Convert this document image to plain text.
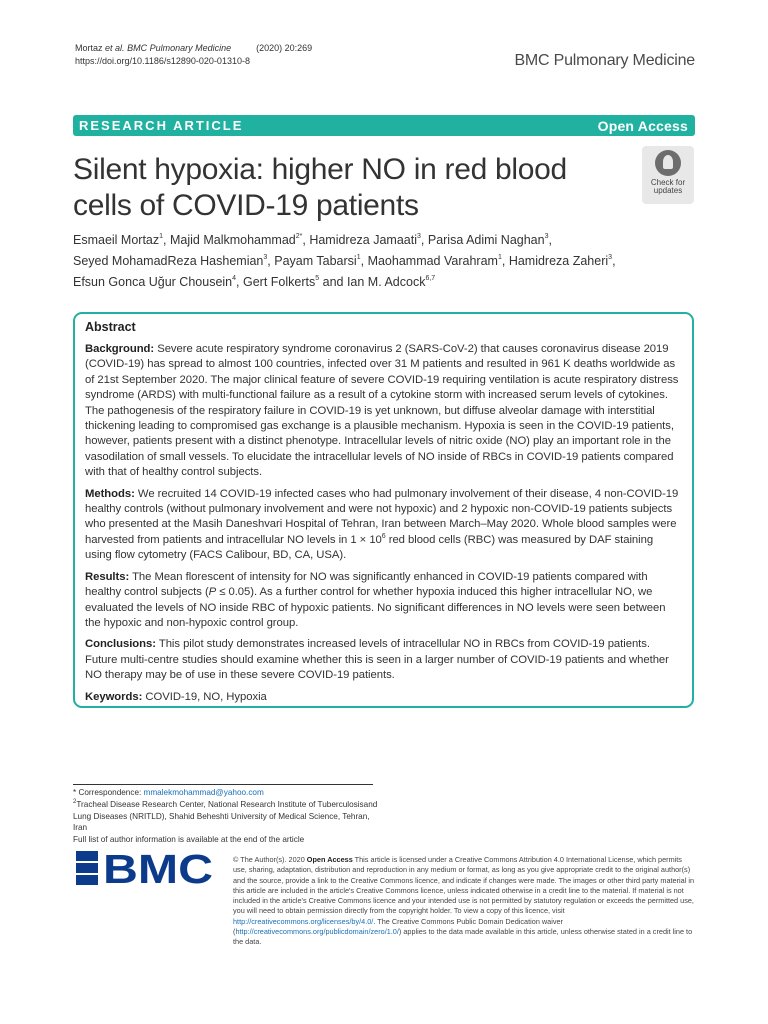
Mortaz et al. BMC Pulmonary Medicine	(2020) 20:269
https://doi.org/10.1186/s12890-020-01310-8	BMC Pulmonary Medicine
RESEARCH ARTICLE	Open Access
Silent hypoxia: higher NO in red blood cells of COVID-19 patients
Check for
updates
Esmaeil Mortaz$^1$, Majid Malkmohammad$^{2*}$, Hamidreza Jamaati$^3$, Parisa Adimi Naghan$^3$,
Seyed MohamadReza Hashemian$^3$, Payam Tabarsi$^1$, Maohammad Varahram$^1$, Hamidreza Zaheri$^3$,
Efsun Gonca Uğur Chousein$^4$, Gert Folkerts$^5$ and Ian M. Adcock$^{6,7}$
Abstract

Background: Severe acute respiratory syndrome coronavirus 2 (SARS-CoV-2) that causes coronavirus disease 2019 (COVID-19) has spread to almost 100 countries, infected over 31 M patients and resulted in 961 K deaths worldwide as of 21st September 2020. The major clinical feature of severe COVID-19 requiring ventilation is acute respiratory distress syndrome (ARDS) with multi-functional failure as a result of a cytokine storm with increased serum levels of cytokines. The pathogenesis of the respiratory failure in COVID-19 is yet unknown, but diffuse alveolar damage with interstitial thickening leading to compromised gas exchange is a plausible mechanism. Hypoxia is seen in the COVID-19 patients, however, patients present with a distinct phenotype. Intracellular levels of nitric oxide (NO) play an important role in the vasodilation of small vessels. To elucidate the intracellular levels of NO inside of RBCs in COVID-19 patients compared with that of healthy control subjects.

Methods: We recruited 14 COVID-19 infected cases who had pulmonary involvement of their disease, 4 non-COVID-19 healthy controls (without pulmonary involvement and were not hypoxic) and 2 hypoxic non-COVID-19 patients subjects who presented at the Masih Daneshvari Hospital of Tehran, Iran between March–May 2020. Whole blood samples were harvested from patients and intracellular NO levels in $1 \times 10^6$ red blood cells (RBC) was measured by DAF staining using flow cytometry (FACS Calibour, BD, CA, USA).

Results: The Mean florescent of intensity for NO was significantly enhanced in COVID-19 patients compared with healthy control subjects (P ≤ 0.05). As a further control for whether hypoxia induced this higher intracellular NO, we evaluated the levels of NO inside RBC of hypoxic patients. No significant differences in NO levels were seen between the hypoxic and non-hypoxic control group.

Conclusions: This pilot study demonstrates increased levels of intracellular NO in RBCs from COVID-19 patients. Future multi-centre studies should examine whether this is seen in a larger number of COVID-19 patients and whether NO therapy may be of use in these severe COVID-19 patients.

Keywords: COVID-19, NO, Hypoxia

* Correspondence: mmalekmohammad@yahoo.com
$^2$Tracheal Disease Research Center, National Research Institute of Tuberculosisand Lung Diseases (NRITLD), Shahid Beheshti University of Medical Science, Tehran, Iran
Full list of author information is available at the end of the article
BMC	© The Author(s). 2020 Open Access This article is licensed under a Creative Commons Attribution 4.0 International License, which permits use, sharing, adaptation, distribution and reproduction in any medium or format, as long as you give appropriate credit to the original author(s) and the source, provide a link to the Creative Commons licence, and indicate if changes were made. The images or other third party material in this article are included in the article's Creative Commons licence, unless indicated otherwise in a credit line to the material. If material is not included in the article's Creative Commons licence and your intended use is not permitted by statutory regulation or exceeds the permitted use, you will need to obtain permission directly from the copyright holder. To view a copy of this licence, visit http://creativecommons.org/licenses/by/4.0/. The Creative Commons Public Domain Dedication waiver (http://creativecommons.org/publicdomain/zero/1.0/) applies to the data made available in this article, unless otherwise stated in a credit line to the data.
